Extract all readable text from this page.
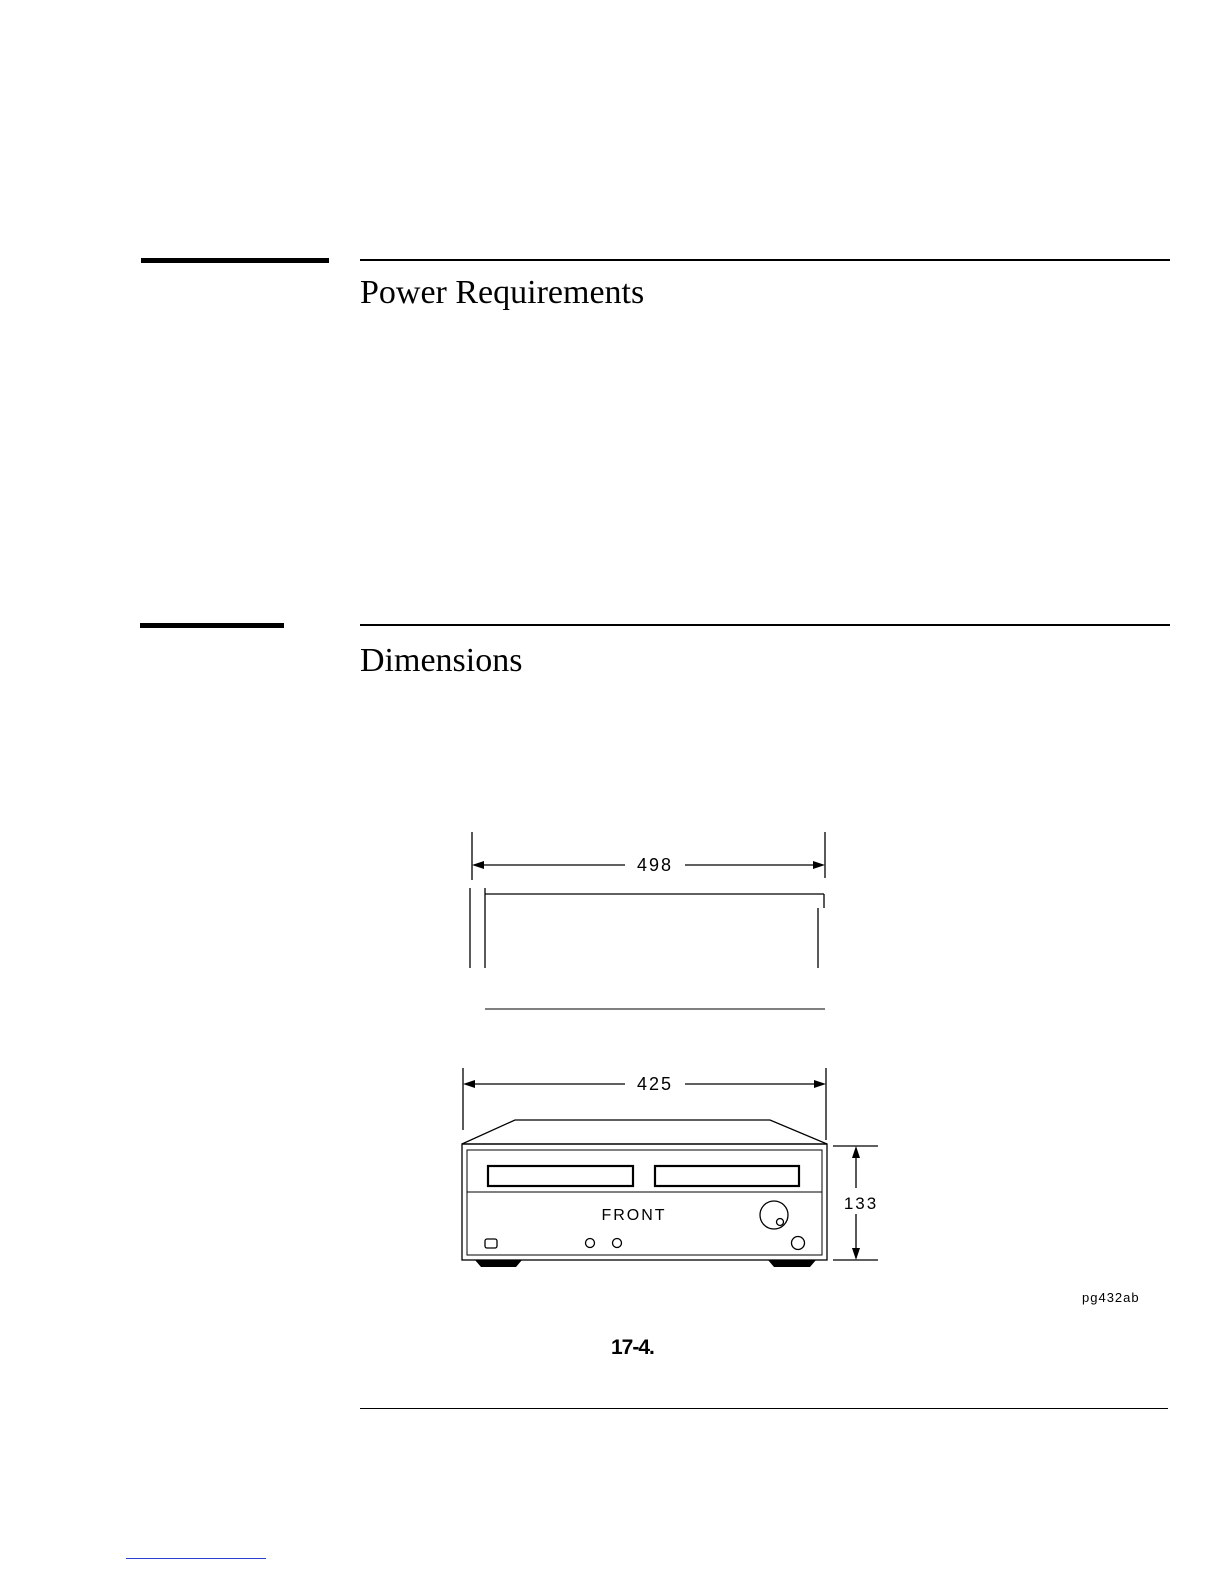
Power Requirements
Dimensions
498
425
133
FRONT
pg432ab
17-4.
